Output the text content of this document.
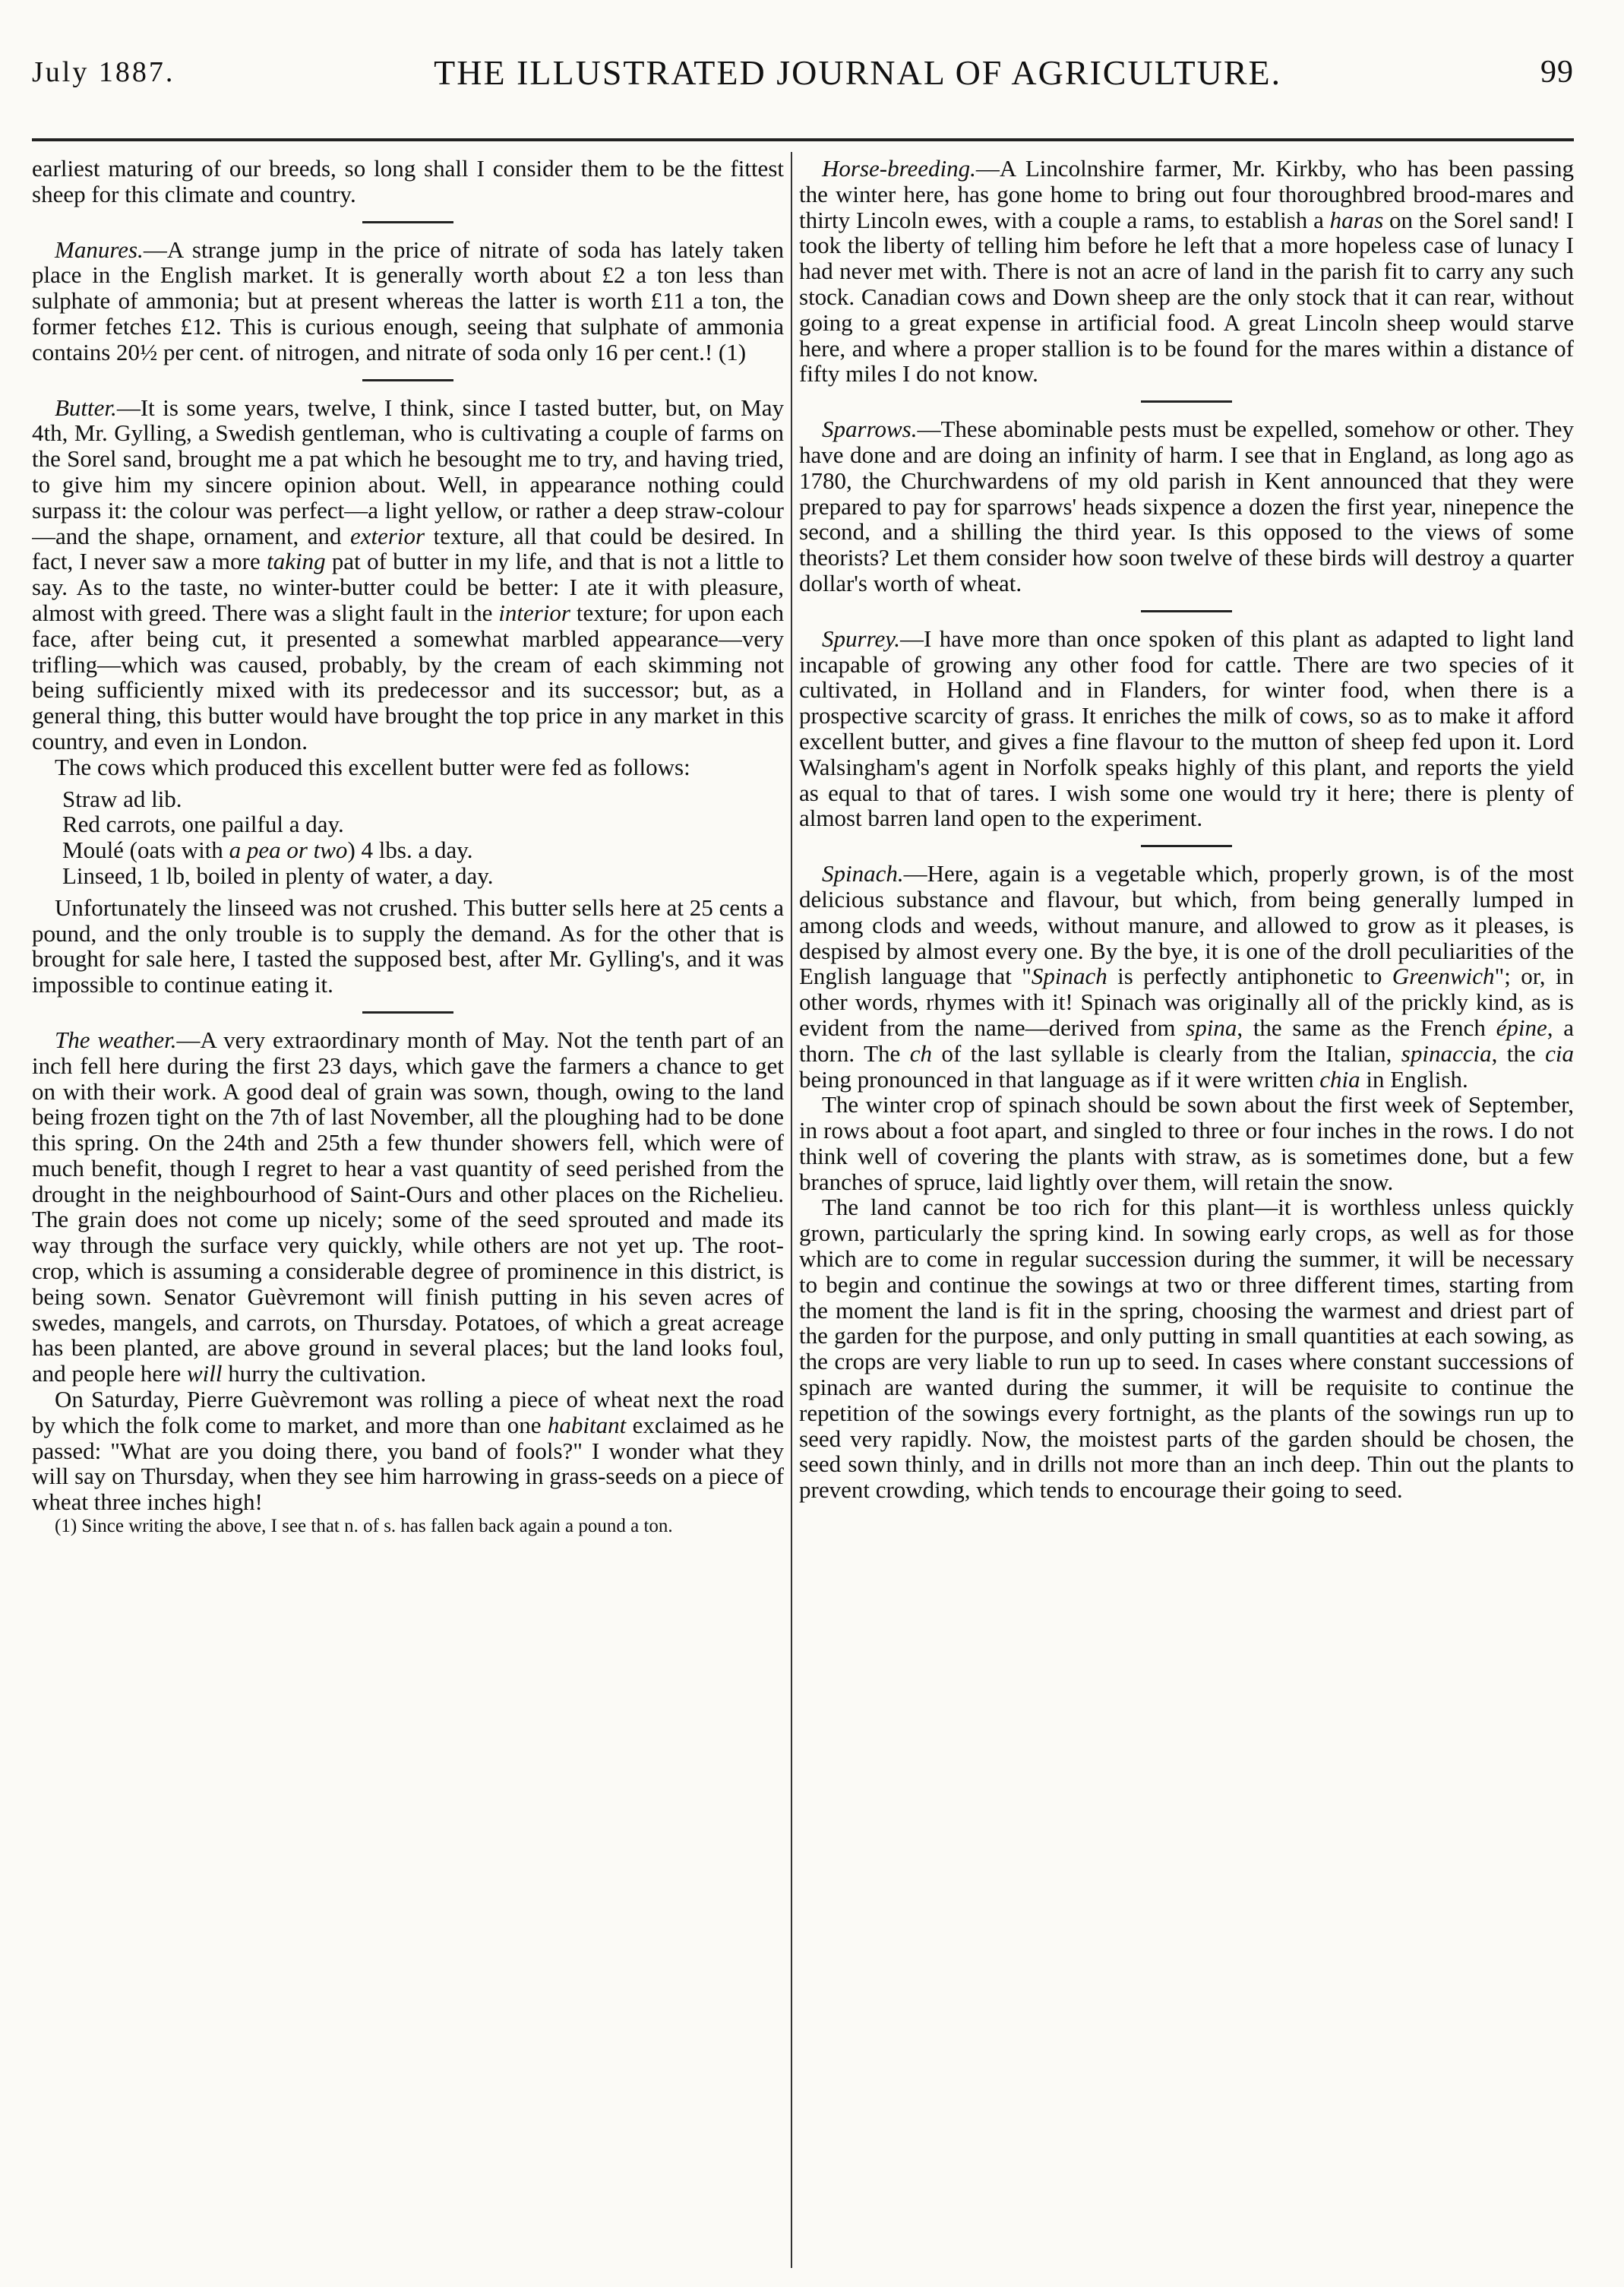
July 1887.	THE ILLUSTRATED JOURNAL OF AGRICULTURE.	99

earliest maturing of our breeds, so long shall I consider them to be the fittest sheep for this climate and country.

Manures.—A strange jump in the price of nitrate of soda has lately taken place in the English market. It is generally worth about £2 a ton less than sulphate of ammonia; but at present whereas the latter is worth £11 a ton, the former fetches £12. This is curious enough, seeing that sulphate of ammonia contains 20½ per cent. of nitrogen, and nitrate of soda only 16 per cent.! (1)

Butter.—It is some years, twelve, I think, since I tasted butter, but, on May 4th, Mr. Gylling, a Swedish gentleman, who is cultivating a couple of farms on the Sorel sand, brought me a pat which he besought me to try, and having tried, to give him my sincere opinion about. Well, in appearance nothing could surpass it: the colour was perfect—a light yellow, or rather a deep straw-colour—and the shape, ornament, and exterior texture, all that could be desired. In fact, I never saw a more taking pat of butter in my life, and that is not a little to say. As to the taste, no winter-butter could be better: I ate it with pleasure, almost with greed. There was a slight fault in the interior texture; for upon each face, after being cut, it presented a somewhat marbled appearance—very trifling—which was caused, probably, by the cream of each skimming not being sufficiently mixed with its predecessor and its successor; but, as a general thing, this butter would have brought the top price in any market in this country, and even in London.

The cows which produced this excellent butter were fed as follows:

Straw ad lib.
Red carrots, one pailful a day.
Moulé (oats with a pea or two) 4 lbs. a day.
Linseed, 1 lb, boiled in plenty of water, a day.

Unfortunately the linseed was not crushed. This butter sells here at 25 cents a pound, and the only trouble is to supply the demand. As for the other that is brought for sale here, I tasted the supposed best, after Mr. Gylling's, and it was impossible to continue eating it.

The weather.—A very extraordinary month of May. Not the tenth part of an inch fell here during the first 23 days, which gave the farmers a chance to get on with their work. A good deal of grain was sown, though, owing to the land being frozen tight on the 7th of last November, all the ploughing had to be done this spring. On the 24th and 25th a few thunder showers fell, which were of much benefit, though I regret to hear a vast quantity of seed perished from the drought in the neighbourhood of Saint-Ours and other places on the Richelieu. The grain does not come up nicely; some of the seed sprouted and made its way through the surface very quickly, while others are not yet up. The root-crop, which is assuming a considerable degree of prominence in this district, is being sown. Senator Guèvremont will finish putting in his seven acres of swedes, mangels, and carrots, on Thursday. Potatoes, of which a great acreage has been planted, are above ground in several places; but the land looks foul, and people here will hurry the cultivation.

On Saturday, Pierre Guèvremont was rolling a piece of wheat next the road by which the folk come to market, and more than one habitant exclaimed as he passed: "What are you doing there, you band of fools?" I wonder what they will say on Thursday, when they see him harrowing in grass-seeds on a piece of wheat three inches high!

(1) Since writing the above, I see that n. of s. has fallen back again a pound a ton.

Horse-breeding.—A Lincolnshire farmer, Mr. Kirkby, who has been passing the winter here, has gone home to bring out four thoroughbred brood-mares and thirty Lincoln ewes, with a couple a rams, to establish a haras on the Sorel sand! I took the liberty of telling him before he left that a more hopeless case of lunacy I had never met with. There is not an acre of land in the parish fit to carry any such stock. Canadian cows and Down sheep are the only stock that it can rear, without going to a great expense in artificial food. A great Lincoln sheep would starve here, and where a proper stallion is to be found for the mares within a distance of fifty miles I do not know.

Sparrows.—These abominable pests must be expelled, somehow or other. They have done and are doing an infinity of harm. I see that in England, as long ago as 1780, the Churchwardens of my old parish in Kent announced that they were prepared to pay for sparrows' heads sixpence a dozen the first year, ninepence the second, and a shilling the third year. Is this opposed to the views of some theorists? Let them consider how soon twelve of these birds will destroy a quarter dollar's worth of wheat.

Spurrey.—I have more than once spoken of this plant as adapted to light land incapable of growing any other food for cattle. There are two species of it cultivated, in Holland and in Flanders, for winter food, when there is a prospective scarcity of grass. It enriches the milk of cows, so as to make it afford excellent butter, and gives a fine flavour to the mutton of sheep fed upon it. Lord Walsingham's agent in Norfolk speaks highly of this plant, and reports the yield as equal to that of tares. I wish some one would try it here; there is plenty of almost barren land open to the experiment.

Spinach.—Here, again is a vegetable which, properly grown, is of the most delicious substance and flavour, but which, from being generally lumped in among clods and weeds, without manure, and allowed to grow as it pleases, is despised by almost every one. By the bye, it is one of the droll peculiarities of the English language that "Spinach is perfectly antiphonetic to Greenwich"; or, in other words, rhymes with it! Spinach was originally all of the prickly kind, as is evident from the name—derived from spina, the same as the French épine, a thorn. The ch of the last syllable is clearly from the Italian, spinaccia, the cia being pronounced in that language as if it were written chia in English.

The winter crop of spinach should be sown about the first week of September, in rows about a foot apart, and singled to three or four inches in the rows. I do not think well of covering the plants with straw, as is sometimes done, but a few branches of spruce, laid lightly over them, will retain the snow.

The land cannot be too rich for this plant—it is worthless unless quickly grown, particularly the spring kind. In sowing early crops, as well as for those which are to come in regular succession during the summer, it will be necessary to begin and continue the sowings at two or three different times, starting from the moment the land is fit in the spring, choosing the warmest and driest part of the garden for the purpose, and only putting in small quantities at each sowing, as the crops are very liable to run up to seed. In cases where constant successions of spinach are wanted during the summer, it will be requisite to continue the repetition of the sowings every fortnight, as the plants of the sowings run up to seed very rapidly. Now, the moistest parts of the garden should be chosen, the seed sown thinly, and in drills not more than an inch deep. Thin out the plants to prevent crowding, which tends to encourage their going to seed.
